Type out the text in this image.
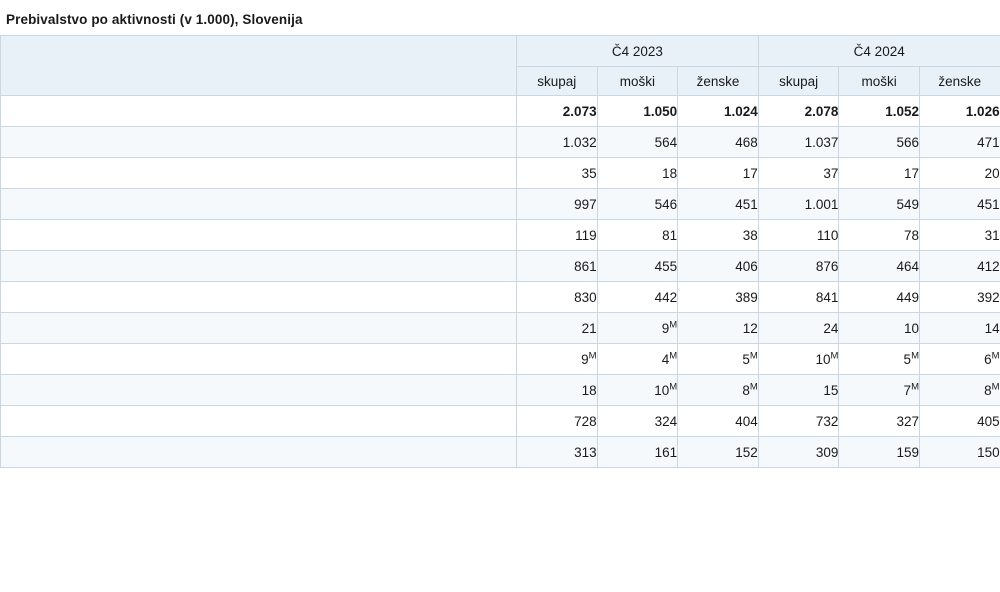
Prebivalstvo po aktivnosti (v 1.000), Slovenija
	Č4 2023			Č4 2024		
	skupaj	moški	ženske	skupaj	moški	ženske
	2.073	1.050	1.024	2.078	1.052	1.026
	1.032	564	468	1.037	566	471
	35	18	17	37	17	20
	997	546	451	1.001	549	451
	119	81	38	110	78	31
	861	455	406	876	464	412
	830	442	389	841	449	392
	21	$9^M$	12	24	10	14
	$9^M$	$4^M$	$5^M$	$10^M$	$5^M$	$6^M$
	18	$10^M$	$8^M$	15	$7^M$	$8^M$
	728	324	404	732	327	405
	313	161	152	309	159	150
